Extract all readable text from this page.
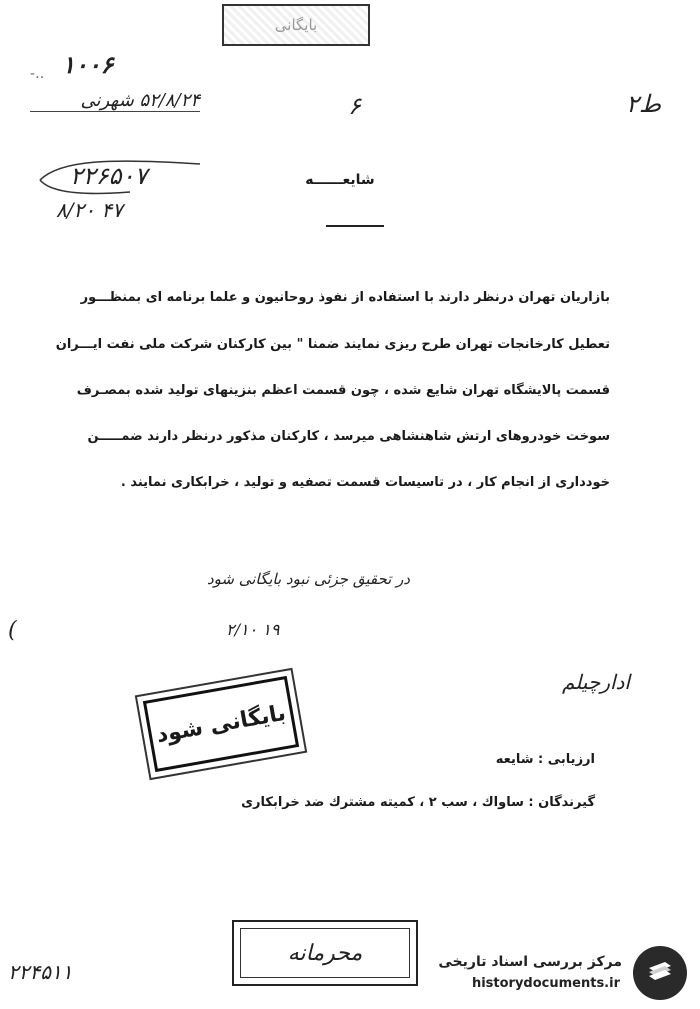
بایگانی
۱۰۰۶
-‥
۵۲/۸/۲۴ شهرنی	۶	ط۲
۲۲۶۵۰۷
۸/۲۰ ۴۷
شایعــــــه
بازاریان تهران درنظر دارند با استفاده از نفوذ روحانیون و علما برنامه ای بمنظـــور
تعطیل کارخانجات تهران طرح ریزی نمایند ضمنا " بین کارکنان شرکت ملی نفت ایـــران
قسمت پالایشگاه تهران شایع شده ، چون قسمت اعظم بنزینهای تولید شده بمصـرف
سوخت خودروهای ارتش شاهنشاهی میرسد ، کارکنان مذکور درنظر دارند ضمـــــن
خودداری از انجام کار ، در تاسیسات قسمت تصفیه و تولید ، خرابکاری نمایند .
در تحقیق جزئی نبود بایگانی شود
۲/۱۰ ۱۹
(
ادارچیلم
بایگانی شود
ارزیابی : شایعه
گیرندگان : ساواك ، سب ۲ ، کمیته مشترك ضد خرابکاری
محرمانه
۲۲۴۵۱۱	مرکز بررسی اسناد تاریخی
historydocuments.ir
